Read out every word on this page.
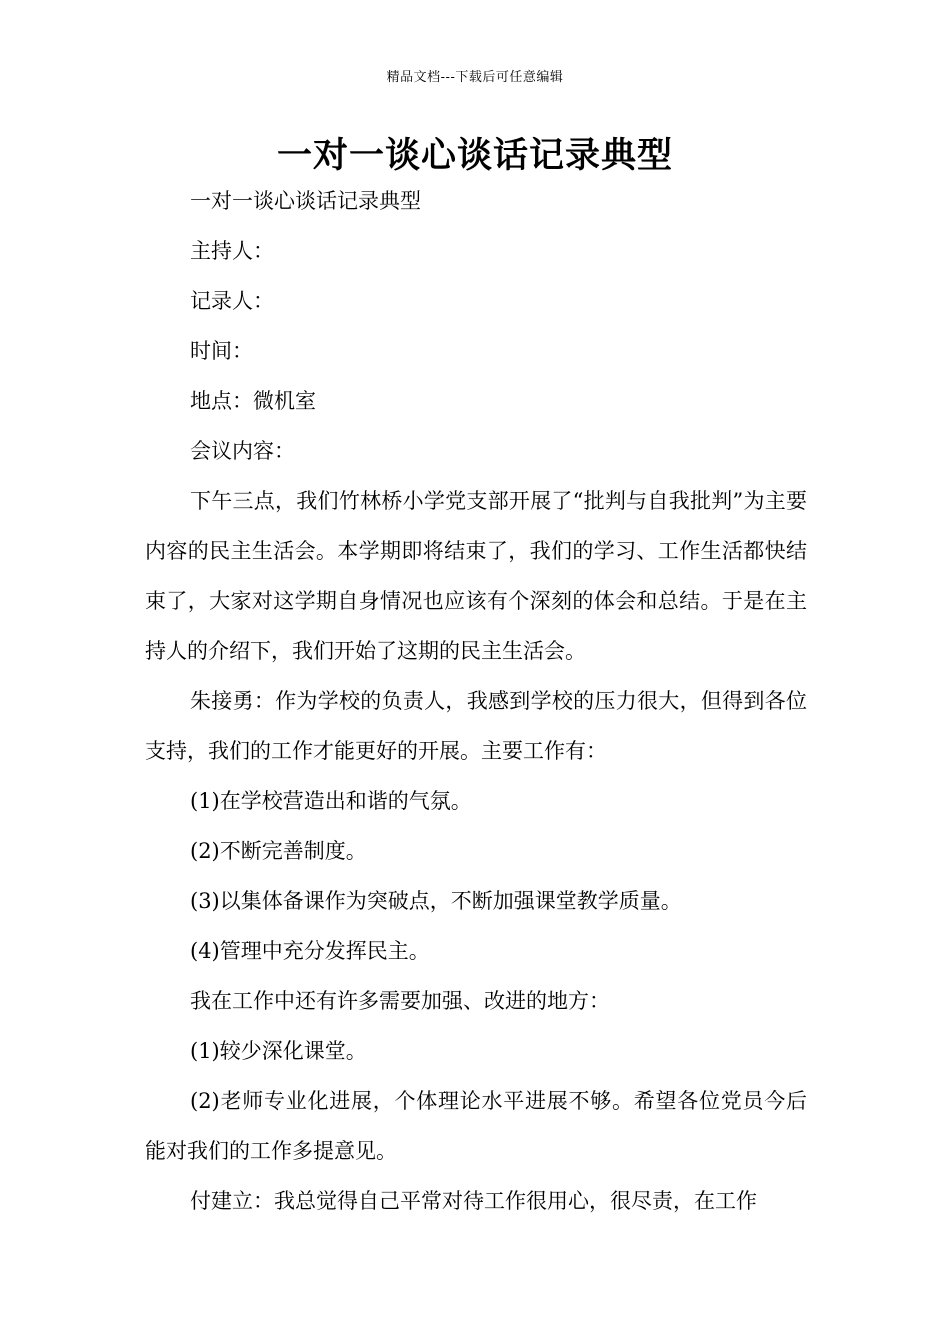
精品文档---下载后可任意编辑
一对一谈心谈话记录典型

一对一谈心谈话记录典型

主持人：

记录人：

时间：

地点：微机室

会议内容：

下午三点，我们竹林桥小学党支部开展了“批判与自我批判”为主要内容的民主生活会。本学期即将结束了，我们的学习、工作生活都快结束了，大家对这学期自身情况也应该有个深刻的体会和总结。于是在主持人的介绍下，我们开始了这期的民主生活会。

朱接勇：作为学校的负责人，我感到学校的压力很大，但得到各位支持，我们的工作才能更好的开展。主要工作有：

(1)在学校营造出和谐的气氛。

(2)不断完善制度。

(3)以集体备课作为突破点，不断加强课堂教学质量。

(4)管理中充分发挥民主。

我在工作中还有许多需要加强、改进的地方：

(1)较少深化课堂。

(2)老师专业化进展，个体理论水平进展不够。希望各位党员今后能对我们的工作多提意见。

付建立：我总觉得自己平常对待工作很用心，很尽责，在工作
